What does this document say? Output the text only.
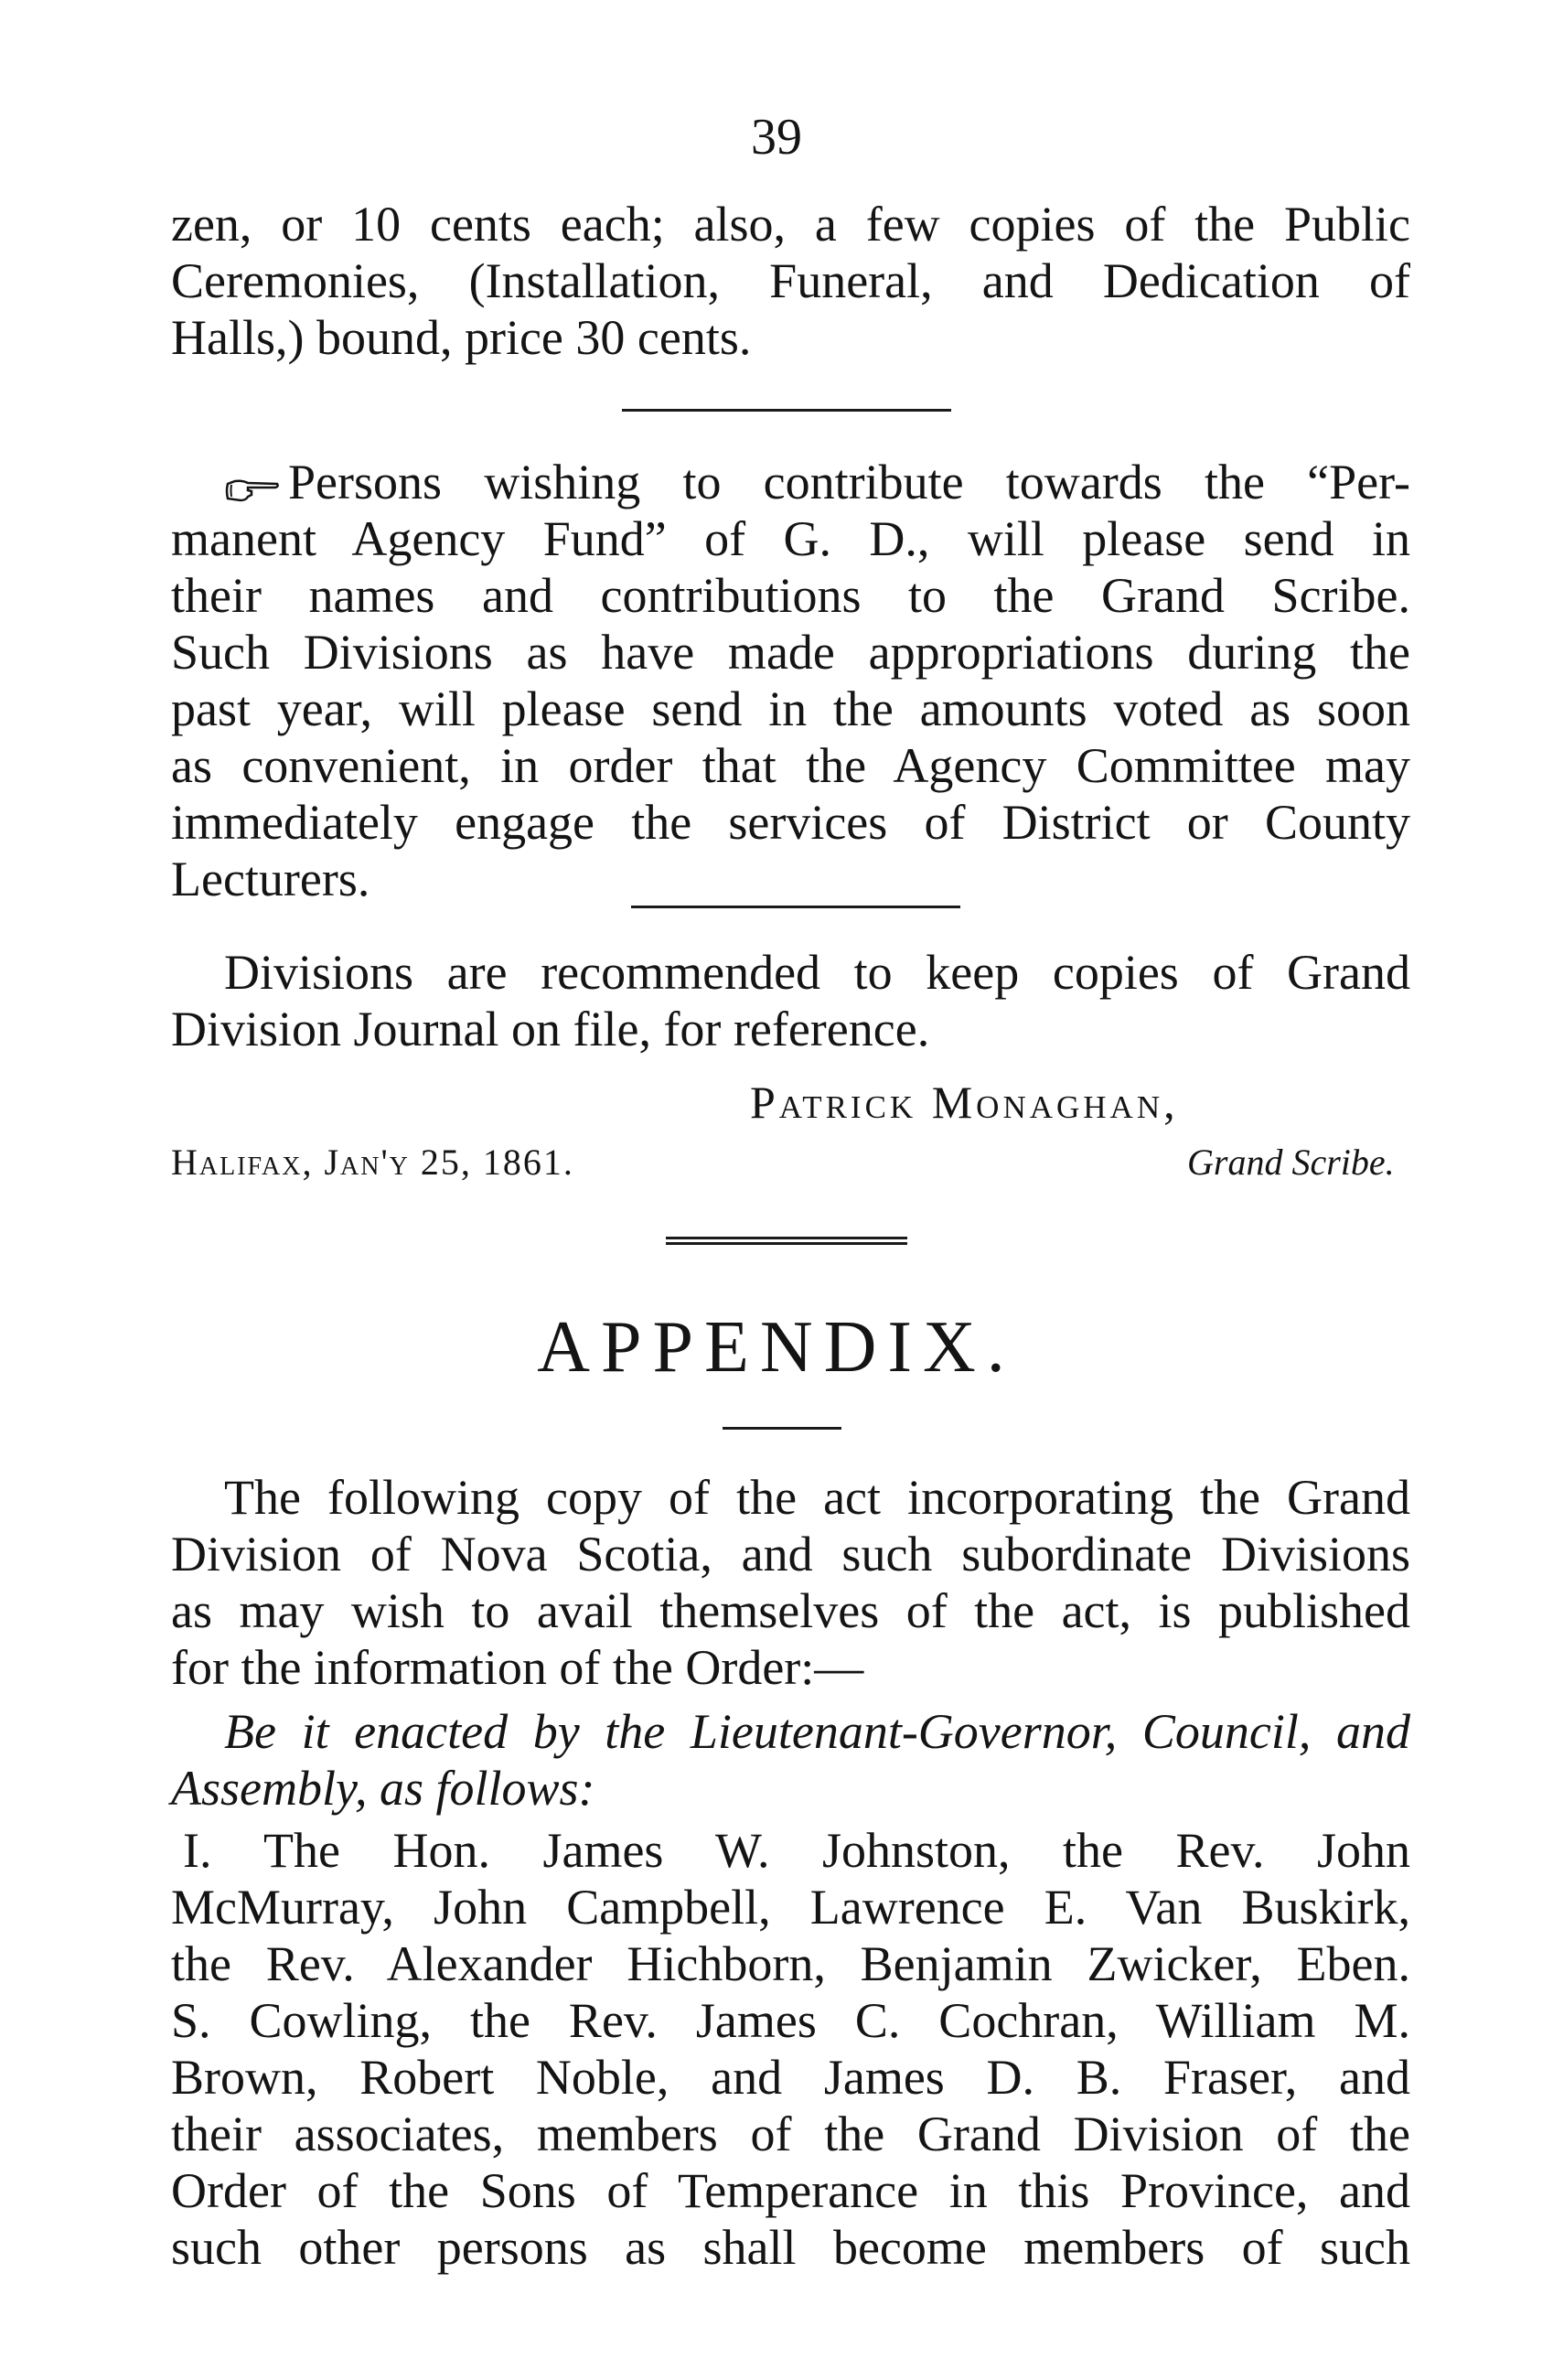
39
zen, or 10 cents each; also, a few copies of the Public
Ceremonies, (Installation, Funeral, and Dedication of
Halls,) bound, price 30 cents.
Persons wishing to contribute towards the “Per-
manent Agency Fund” of G. D., will please send in
their names and contributions to the Grand Scribe.
Such Divisions as have made appropriations during the
past year, will please send in the amounts voted as soon
as convenient, in order that the Agency Committee may
immediately engage the services of District or County
Lecturers.
Divisions are recommended to keep copies of Grand
Division Journal on file, for reference.
Patrick Monaghan,
Halifax, Jan'y 25, 1861.	Grand Scribe.
APPENDIX.
The following copy of the act incorporating the Grand
Division of Nova Scotia, and such subordinate Divisions
as may wish to avail themselves of the act, is published
for the information of the Order:—
Be it enacted by the Lieutenant-Governor, Council, and
Assembly, as follows:
I. The Hon. James W. Johnston, the Rev. John
McMurray, John Campbell, Lawrence E. Van Buskirk,
the Rev. Alexander Hichborn, Benjamin Zwicker, Eben.
S. Cowling, the Rev. James C. Cochran, William M.
Brown, Robert Noble, and James D. B. Fraser, and
their associates, members of the Grand Division of the
Order of the Sons of Temperance in this Province, and
such other persons as shall become members of such
